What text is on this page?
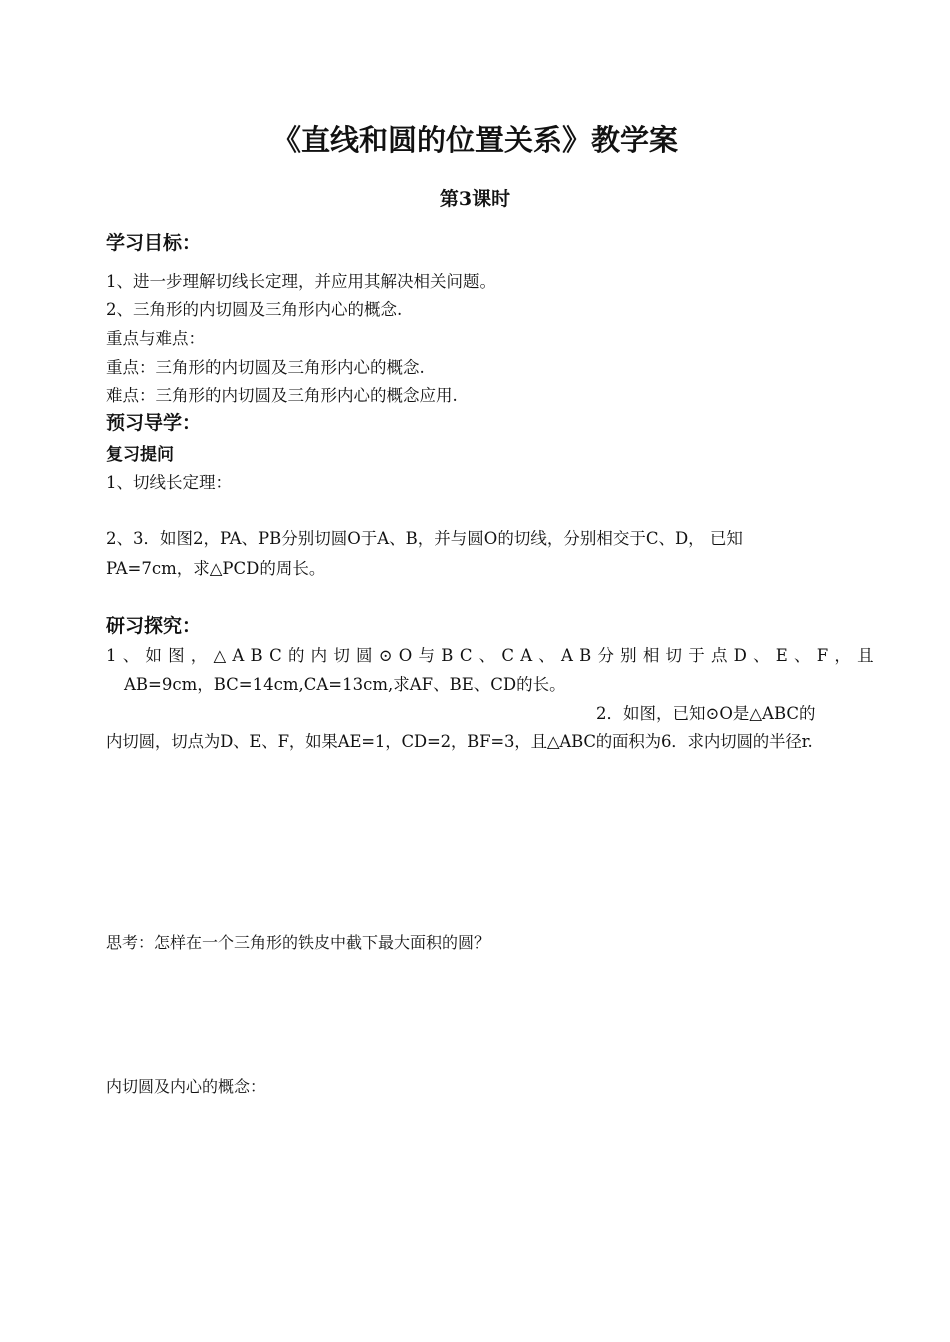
《直线和圆的位置关系》教学案
第3课时
学习目标：
1、进一步理解切线长定理，并应用其解决相关问题。
2、三角形的内切圆及三角形内心的概念.
重点与难点：
重点：三角形的内切圆及三角形内心的概念.
难点：三角形的内切圆及三角形内心的概念应用.
预习导学：
复习提问
1、切线长定理：
2、3．如图2，PA、PB分别切圆O于A、B，并与圆O的切线，分别相交于C、D， 已知
PA=7cm，求△PCD的周长。
研习探究：
1、如图，△ABC的内切圆⊙O与BC、CA、AB分别相切于点D、E、F，且
AB=9cm，BC=14cm,CA=13cm,求AF、BE、CD的长。
2．如图，已知⊙O是△ABC的
内切圆，切点为D、E、F，如果AE=1，CD=2，BF=3，且△ABC的面积为6．求内切圆的半径r.
思考：怎样在一个三角形的铁皮中截下最大面积的圆？
内切圆及内心的概念：
